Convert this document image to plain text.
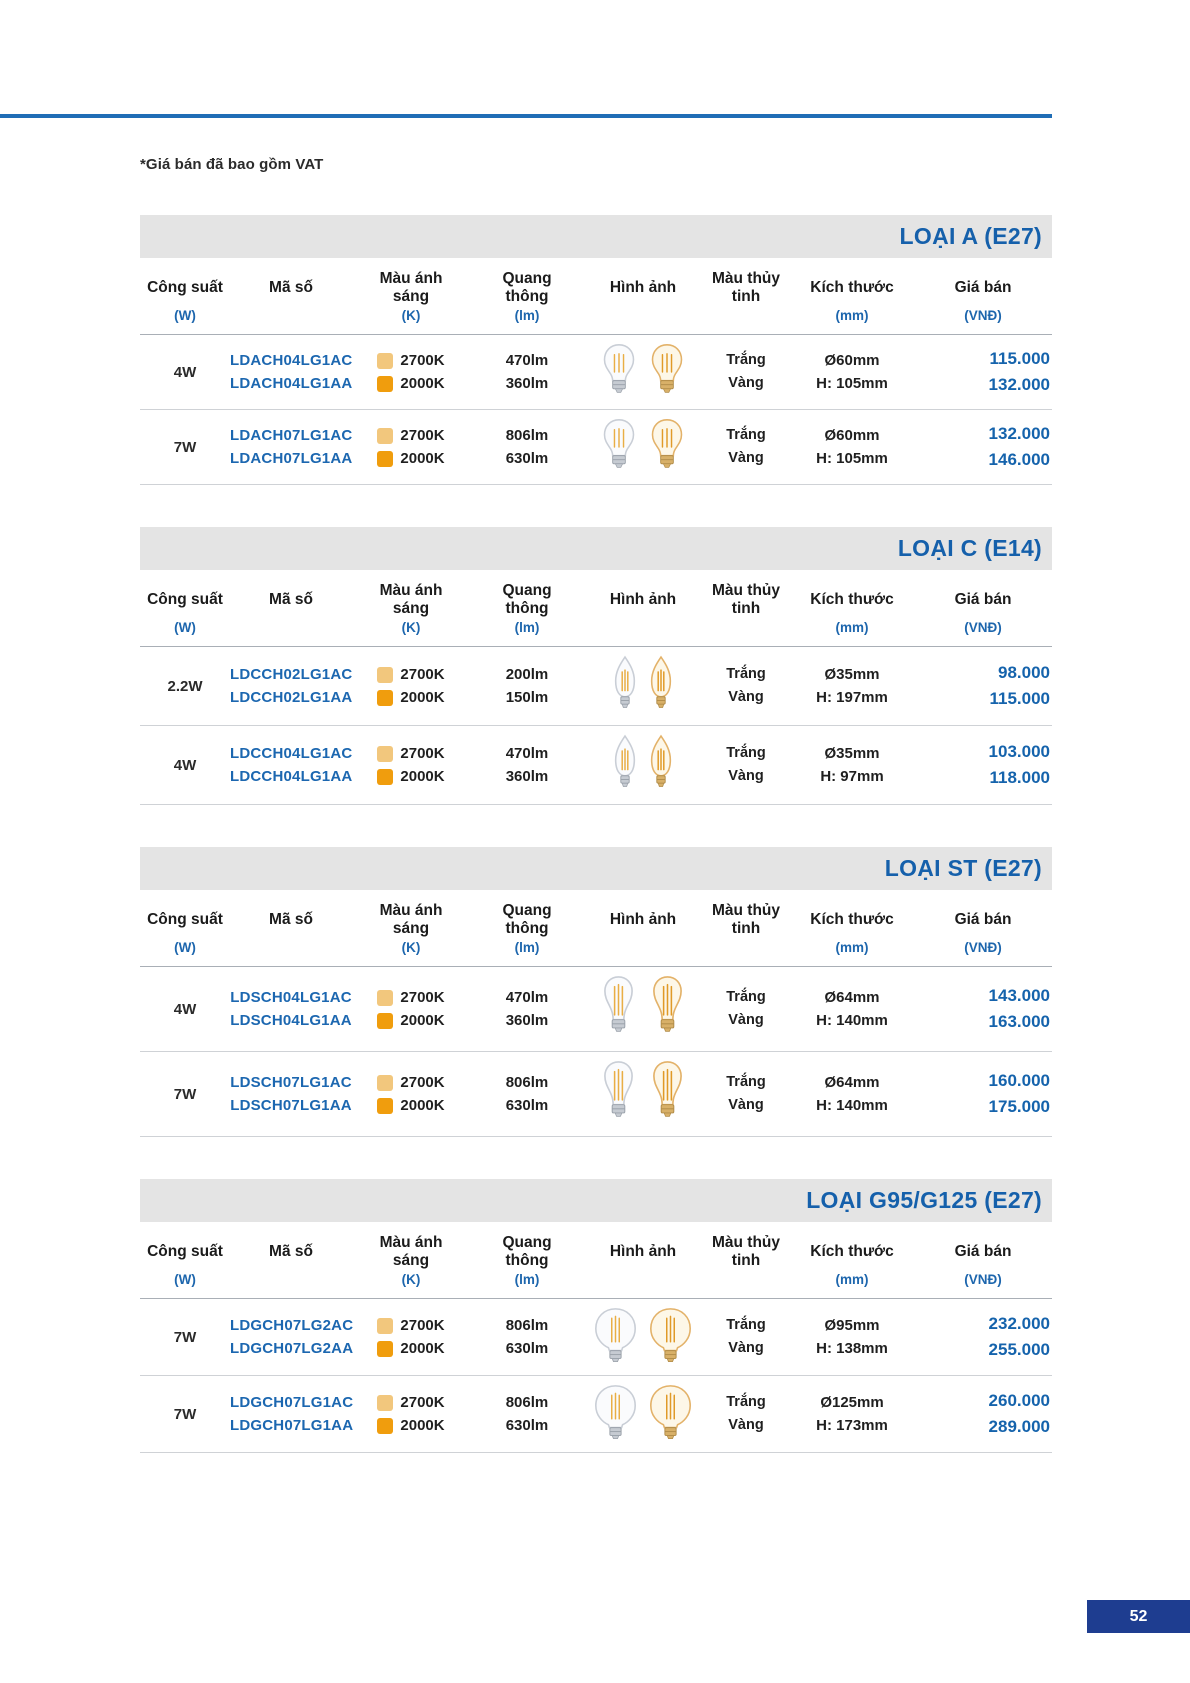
*Giá bán đã bao gồm VAT
LOẠI A (E27)
Công suất
(W)
Mã số
Màu ánh sáng
(K)
Quang thông
(lm)
Hình ảnh
Màu thủy tinh
Kích thước
(mm)
Giá bán
(VNĐ)
4W
LDACH04LG1AC
LDACH04LG1AA
2700K
2000K
470lm
360lm
Trắng
Vàng
Ø60mm
H: 105mm
115.000
132.000
7W
LDACH07LG1AC
LDACH07LG1AA
2700K
2000K
806lm
630lm
Trắng
Vàng
Ø60mm
H: 105mm
132.000
146.000
LOẠI C (E14)
Công suất
(W)
Mã số
Màu ánh sáng
(K)
Quang thông
(lm)
Hình ảnh
Màu thủy tinh
Kích thước
(mm)
Giá bán
(VNĐ)
2.2W
LDCCH02LG1AC
LDCCH02LG1AA
2700K
2000K
200lm
150lm
Trắng
Vàng
Ø35mm
H: 197mm
98.000
115.000
4W
LDCCH04LG1AC
LDCCH04LG1AA
2700K
2000K
470lm
360lm
Trắng
Vàng
Ø35mm
H: 97mm
103.000
118.000
LOẠI ST (E27)
Công suất
(W)
Mã số
Màu ánh sáng
(K)
Quang thông
(lm)
Hình ảnh
Màu thủy tinh
Kích thước
(mm)
Giá bán
(VNĐ)
4W
LDSCH04LG1AC
LDSCH04LG1AA
2700K
2000K
470lm
360lm
Trắng
Vàng
Ø64mm
H: 140mm
143.000
163.000
7W
LDSCH07LG1AC
LDSCH07LG1AA
2700K
2000K
806lm
630lm
Trắng
Vàng
Ø64mm
H: 140mm
160.000
175.000
LOẠI G95/G125 (E27)
Công suất
(W)
Mã số
Màu ánh sáng
(K)
Quang thông
(lm)
Hình ảnh
Màu thủy tinh
Kích thước
(mm)
Giá bán
(VNĐ)
7W
LDGCH07LG2AC
LDGCH07LG2AA
2700K
2000K
806lm
630lm
Trắng
Vàng
Ø95mm
H: 138mm
232.000
255.000
7W
LDGCH07LG1AC
LDGCH07LG1AA
2700K
2000K
806lm
630lm
Trắng
Vàng
Ø125mm
H: 173mm
260.000
289.000
52
